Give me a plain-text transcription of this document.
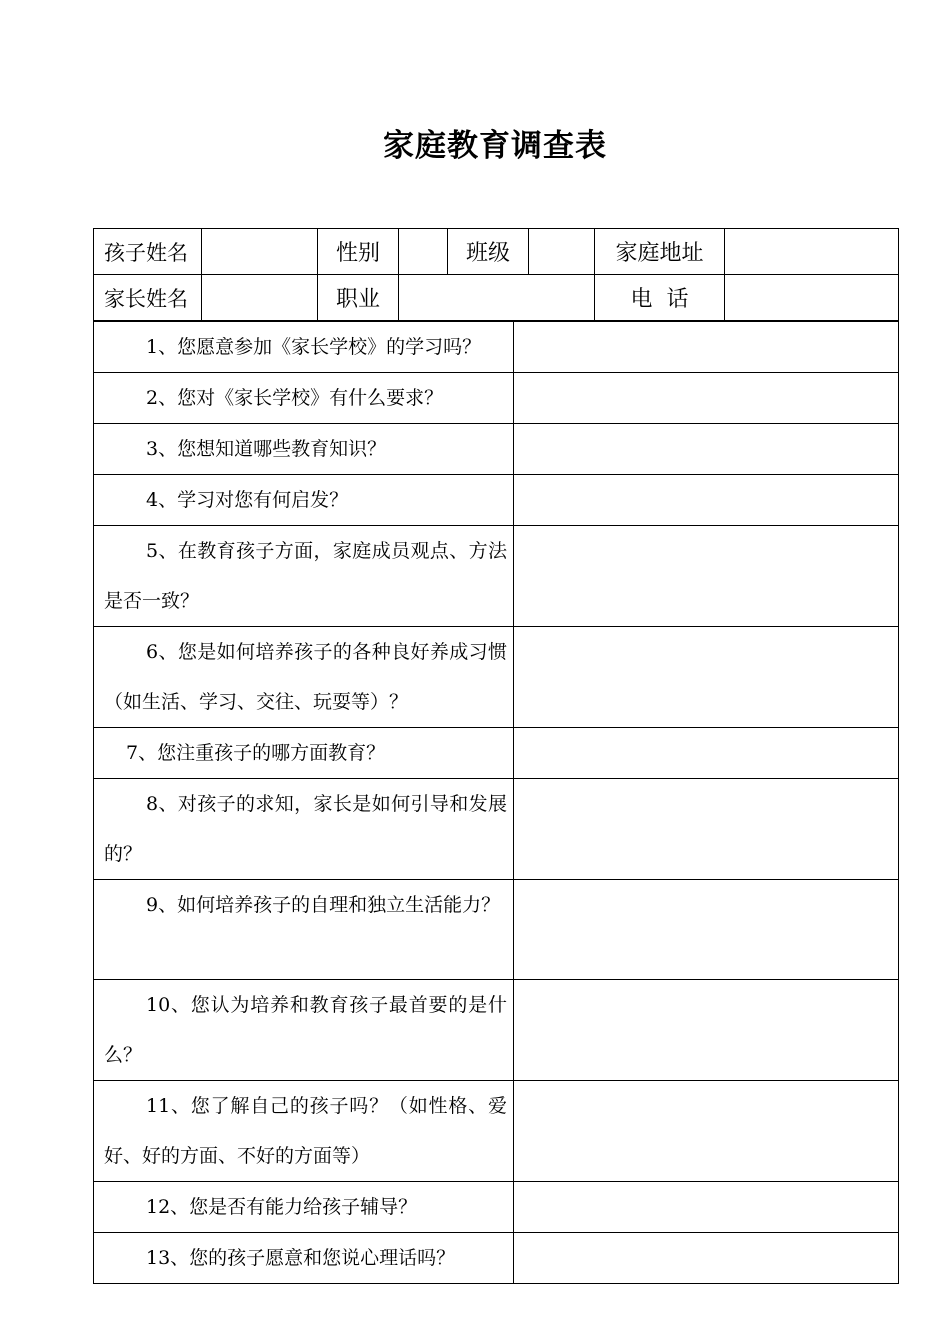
家庭教育调查表
孩子姓名		性别		班级		家庭地址	
家长姓名		职业				电  话	
1、您愿意参加《家长学校》的学习吗？	
2、您对《家长学校》有什么要求？	
3、您想知道哪些教育知识？	
4、学习对您有何启发？	
5、在教育孩子方面，家庭成员观点、方法是否一致？	
6、您是如何培养孩子的各种良好养成习惯（如生活、学习、交往、玩耍等）？	
7、您注重孩子的哪方面教育？	
8、对孩子的求知，家长是如何引导和发展的？	
9、如何培养孩子的自理和独立生活能力？	
10、您认为培养和教育孩子最首要的是什么？	
11、您了解自己的孩子吗？（如性格、爱好、好的方面、不好的方面等）	
12、您是否有能力给孩子辅导？	
13、您的孩子愿意和您说心理话吗？	
